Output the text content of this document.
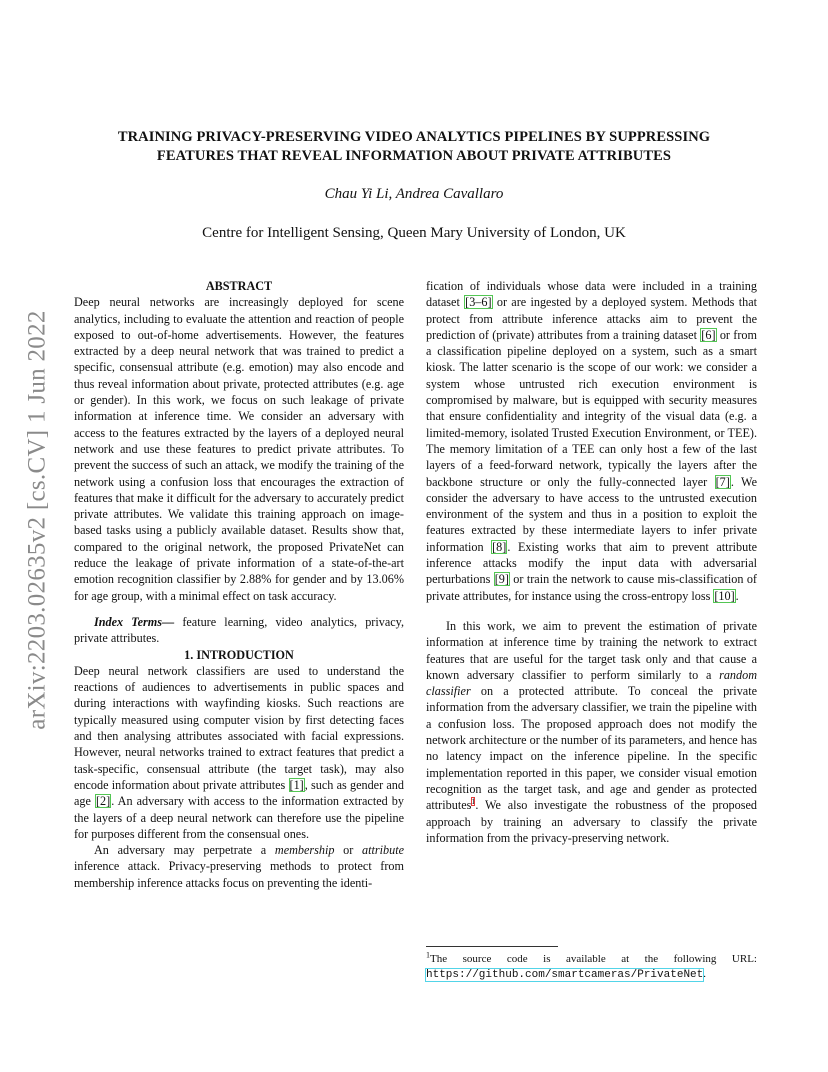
arXiv:2203.02635v2 [cs.CV] 1 Jun 2022
TRAINING PRIVACY-PRESERVING VIDEO ANALYTICS PIPELINES BY SUPPRESSING
FEATURES THAT REVEAL INFORMATION ABOUT PRIVATE ATTRIBUTES
Chau Yi Li, Andrea Cavallaro
Centre for Intelligent Sensing, Queen Mary University of London, UK

ABSTRACT

Deep neural networks are increasingly deployed for scene analytics, including to evaluate the attention and reaction of people exposed to out-of-home advertisements. However, the features extracted by a deep neural network that was trained to predict a specific, consensual attribute (e.g. emotion) may also encode and thus reveal information about private, protected attributes (e.g. age or gender). In this work, we focus on such leakage of private information at inference time. We consider an adversary with access to the features extracted by the layers of a deployed neural network and use these features to predict private attributes. To prevent the success of such an attack, we modify the training of the network using a confusion loss that encourages the extraction of features that make it difficult for the adversary to accurately predict private attributes. We validate this training approach on image-based tasks using a publicly available dataset. Results show that, compared to the original network, the proposed PrivateNet can reduce the leakage of private information of a state-of-the-art emotion recognition classifier by 2.88% for gender and by 13.06% for age group, with a minimal effect on task accuracy.

Index Terms— feature learning, video analytics, privacy, private attributes.

1. INTRODUCTION

Deep neural network classifiers are used to understand the reactions of audiences to advertisements in public spaces and during interactions with wayfinding kiosks. Such reactions are typically measured using computer vision by first detecting faces and then analysing attributes associated with facial expressions. However, neural networks trained to extract features that predict a task-specific, consensual attribute (the target task), may also encode information about private attributes [1], such as gender and age [2]. An adversary with access to the information extracted by the layers of a deep neural network can therefore use the pipeline for purposes different from the consensual ones.

An adversary may perpetrate a membership or attribute inference attack. Privacy-preserving methods to protect from membership inference attacks focus on preventing the identi-

fication of individuals whose data were included in a training dataset [3–6] or are ingested by a deployed system. Methods that protect from attribute inference attacks aim to prevent the prediction of (private) attributes from a training dataset [6] or from a classification pipeline deployed on a system, such as a smart kiosk. The latter scenario is the scope of our work: we consider a system whose untrusted rich execution environment is compromised by malware, but is equipped with security measures that ensure confidentiality and integrity of the visual data (e.g. a limited-memory, isolated Trusted Execution Environment, or TEE). The memory limitation of a TEE can only host a few of the last layers of a feed-forward network, typically the layers after the backbone structure or only the fully-connected layer [7]. We consider the adversary to have access to the untrusted execution environment of the system and thus in a position to exploit the features extracted by these intermediate layers to infer private information [8]. Existing works that aim to prevent attribute inference attacks modify the input data with adversarial perturbations [9] or train the network to cause mis-classification of private attributes, for instance using the cross-entropy loss [10].

In this work, we aim to prevent the estimation of private information at inference time by training the network to extract features that are useful for the target task only and that cause a known adversary classifier to perform similarly to a random classifier on a protected attribute. To conceal the private information from the adversary classifier, we train the pipeline with a confusion loss. The proposed approach does not modify the network architecture or the number of its parameters, and hence has no latency impact on the inference pipeline. In the specific implementation reported in this paper, we consider visual emotion recognition as the target task, and age and gender as protected attributes$^1$. We also investigate the robustness of the proposed approach by training an adversary to classify the private information from the privacy-preserving network.

$^1$The source code is available at the following URL: https://github.com/smartcameras/PrivateNet.
